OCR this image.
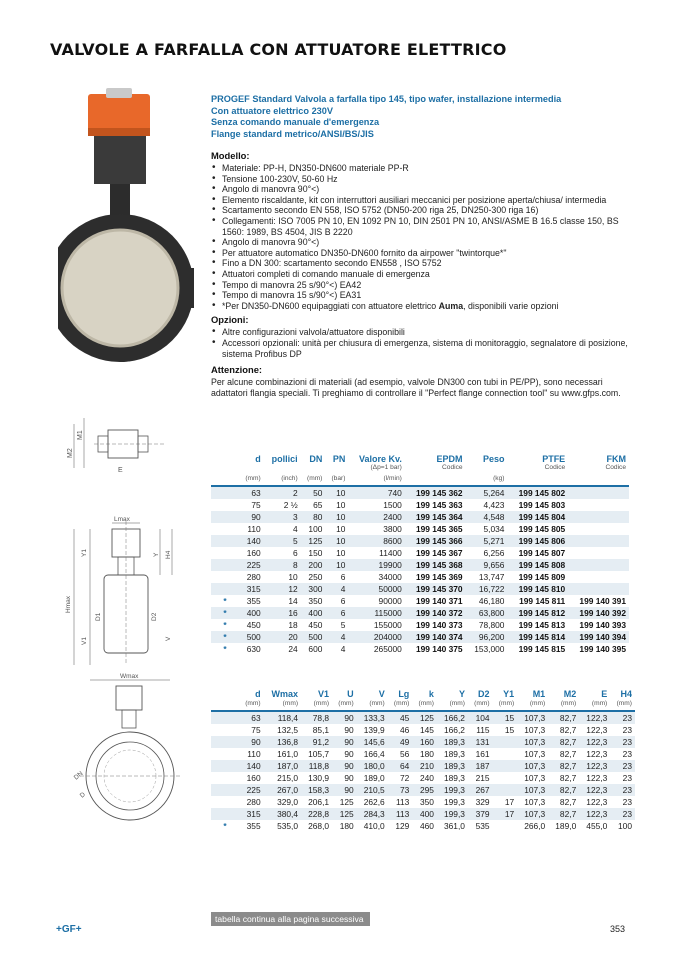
VALVOLE A FARFALLA CON ATTUATORE ELETTRICO
M2
M1
E
Lmax
Y1	Y H4
Hmax
V1
D1	D2
V
Wmax
DN
D
PROGEF Standard Valvola a farfalla tipo 145, tipo wafer, installazione intermedia
Con attuatore elettrico 230V
Senza comando manuale d'emergenza
Flange standard metrico/ANSI/BS/JIS
Modello:
• Materiale: PP-H, DN350-DN600 materiale PP-R
• Tensione 100-230V, 50-60 Hz
• Angolo di manovra 90°<)
• Elemento riscaldante, kit con interruttori ausiliari meccanici per posizione aperta/chiusa/ intermedia
• Scartamento secondo EN 558, ISO 5752 (DN50-200 riga 25, DN250-300 riga 16)
• Collegamenti: ISO 7005 PN 10, EN 1092 PN 10, DIN 2501 PN 10, ANSI/ASME B 16.5 classe 150, BS 1560: 1989, BS 4504, JIS B 2220
• Angolo di manovra 90°<)
• Per attuatore automatico DN350-DN600 fornito da airpower "twintorque*"
• Fino a DN 300: scartamento secondo EN558 , ISO 5752
• Attuatori completi di comando manuale di emergenza
• Tempo di manovra 25 s/90°<) EA42
• Tempo di manovra 15 s/90°<) EA31
• *Per DN350-DN600 equipaggiati con attuatore elettrico Auma, disponibili varie opzioni
Opzioni:
• Altre configurazioni valvola/attuatore disponibili
• Accessori opzionali: unità per chiusura di emergenza, sistema di monitoraggio, segnalatore di posizione, sistema Profibus DP
Attenzione:
Per alcune combinazioni di materiali (ad esempio, valvole DN300 con tubi in PE/PP), sono necessari adattatori flangia speciali. Ti preghiamo di controllare il "Perfect flange connection tool" su www.gfps.com.
	d	pollici	DN	PN	Valore Kv.	EPDM	Peso	PTFE	FKM
					(Δp=1 bar)	Codice		Codice	Codice
	(mm)	(inch)	(mm)	(bar)	(l/min)		(kg)		
	63	2	50	10	740	199 145 362	5,264	199 145 802	
	75	2 ½	65	10	1500	199 145 363	4,423	199 145 803	
	90	3	80	10	2400	199 145 364	4,548	199 145 804	
	110	4	100	10	3800	199 145 365	5,034	199 145 805	
	140	5	125	10	8600	199 145 366	5,271	199 145 806	
	160	6	150	10	11400	199 145 367	6,256	199 145 807	
	225	8	200	10	19900	199 145 368	9,656	199 145 808	
	280	10	250	6	34000	199 145 369	13,747	199 145 809	
	315	12	300	4	50000	199 145 370	16,722	199 145 810	
*	355	14	350	6	90000	199 140 371	46,180	199 145 811	199 140 391
*	400	16	400	6	115000	199 140 372	63,800	199 145 812	199 140 392
*	450	18	450	5	155000	199 140 373	78,800	199 145 813	199 140 393
*	500	20	500	4	204000	199 140 374	96,200	199 145 814	199 140 394
*	630	24	600	4	265000	199 140 375	153,000	199 145 815	199 140 395
	d	Wmax	V1	U	V	Lg	k	Y	D2	Y1	M1	M2	E	H4
	(mm)	(mm)	(mm)	(mm)	(mm)	(mm)	(mm)	(mm)	(mm)	(mm)	(mm)	(mm)	(mm)	(mm)
	63	118,4	78,8	90	133,3	45	125	166,2	104	15	107,3	82,7	122,3	23
	75	132,5	85,1	90	139,9	46	145	166,2	115	15	107,3	82,7	122,3	23
	90	136,8	91,2	90	145,6	49	160	189,3	131		107,3	82,7	122,3	23
	110	161,0	105,7	90	166,4	56	180	189,3	161		107,3	82,7	122,3	23
	140	187,0	118,8	90	180,0	64	210	189,3	187		107,3	82,7	122,3	23
	160	215,0	130,9	90	189,0	72	240	189,3	215		107,3	82,7	122,3	23
	225	267,0	158,3	90	210,5	73	295	199,3	267		107,3	82,7	122,3	23
	280	329,0	206,1	125	262,6	113	350	199,3	329	17	107,3	82,7	122,3	23
	315	380,4	228,8	125	284,3	113	400	199,3	379	17	107,3	82,7	122,3	23
*	355	535,0	268,0	180	410,0	129	460	361,0	535		266,0	189,0	455,0	100
tabella continua alla pagina successiva
+GF+	353
